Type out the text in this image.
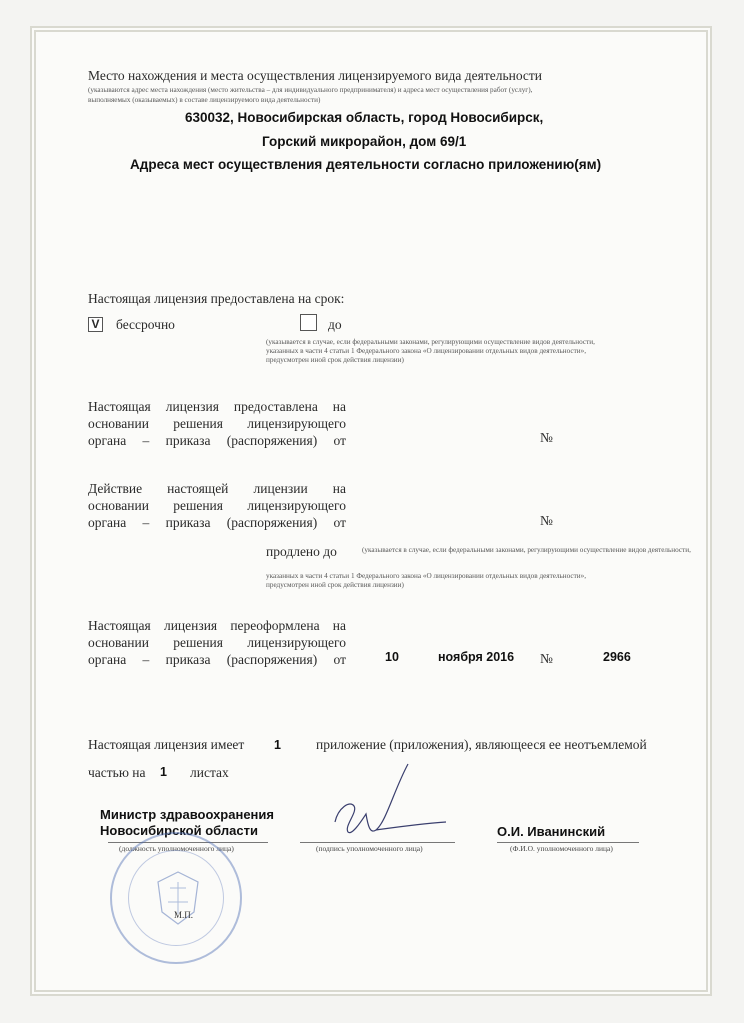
Место нахождения и места осуществления лицензируемого вида деятельности
(указываются адрес места нахождения (место жительства – для индивидуального предпринимателя) и адреса мест осуществления работ (услуг),
выполняемых (оказываемых) в составе лицензируемого вида деятельности)
630032, Новосибирская область, город Новосибирск,
Горский микрорайон, дом 69/1
Адреса мест осуществления деятельности согласно приложению(ям)
Настоящая лицензия предоставлена на срок:
V бессрочно	до
(указывается в случае, если федеральными законами, регулирующими осуществление видов деятельности,
указанных в части 4 статьи 1 Федерального закона «О лицензировании отдельных видов деятельности»,
предусмотрен иной срок действия лицензии)
Настоящая лицензия предоставлена на
основании решения лицензирующего
органа – приказа (распоряжения) от	№
Действие настоящей лицензии на
основании решения лицензирующего
органа – приказа (распоряжения) от	№
продлено до	(указывается в случае, если федеральными законами, регулирующими осуществление видов деятельности,
указанных в части 4 статьи 1 Федерального закона «О лицензировании отдельных видов деятельности»,
предусмотрен иной срок действия лицензии)
Настоящая лицензия переоформлена на
основании решения лицензирующего
органа – приказа (распоряжения) от	10	ноября 2016 №	2966
Настоящая лицензия имеет 1	приложение (приложения), являющееся ее неотъемлемой
частью на 1 листах
Министр здравоохранения
Новосибирской области
(должность уполномоченного лица)	(подпись уполномоченного лица)
О.И. Иванинский
(Ф.И.О. уполномоченного лица)
М.П.
